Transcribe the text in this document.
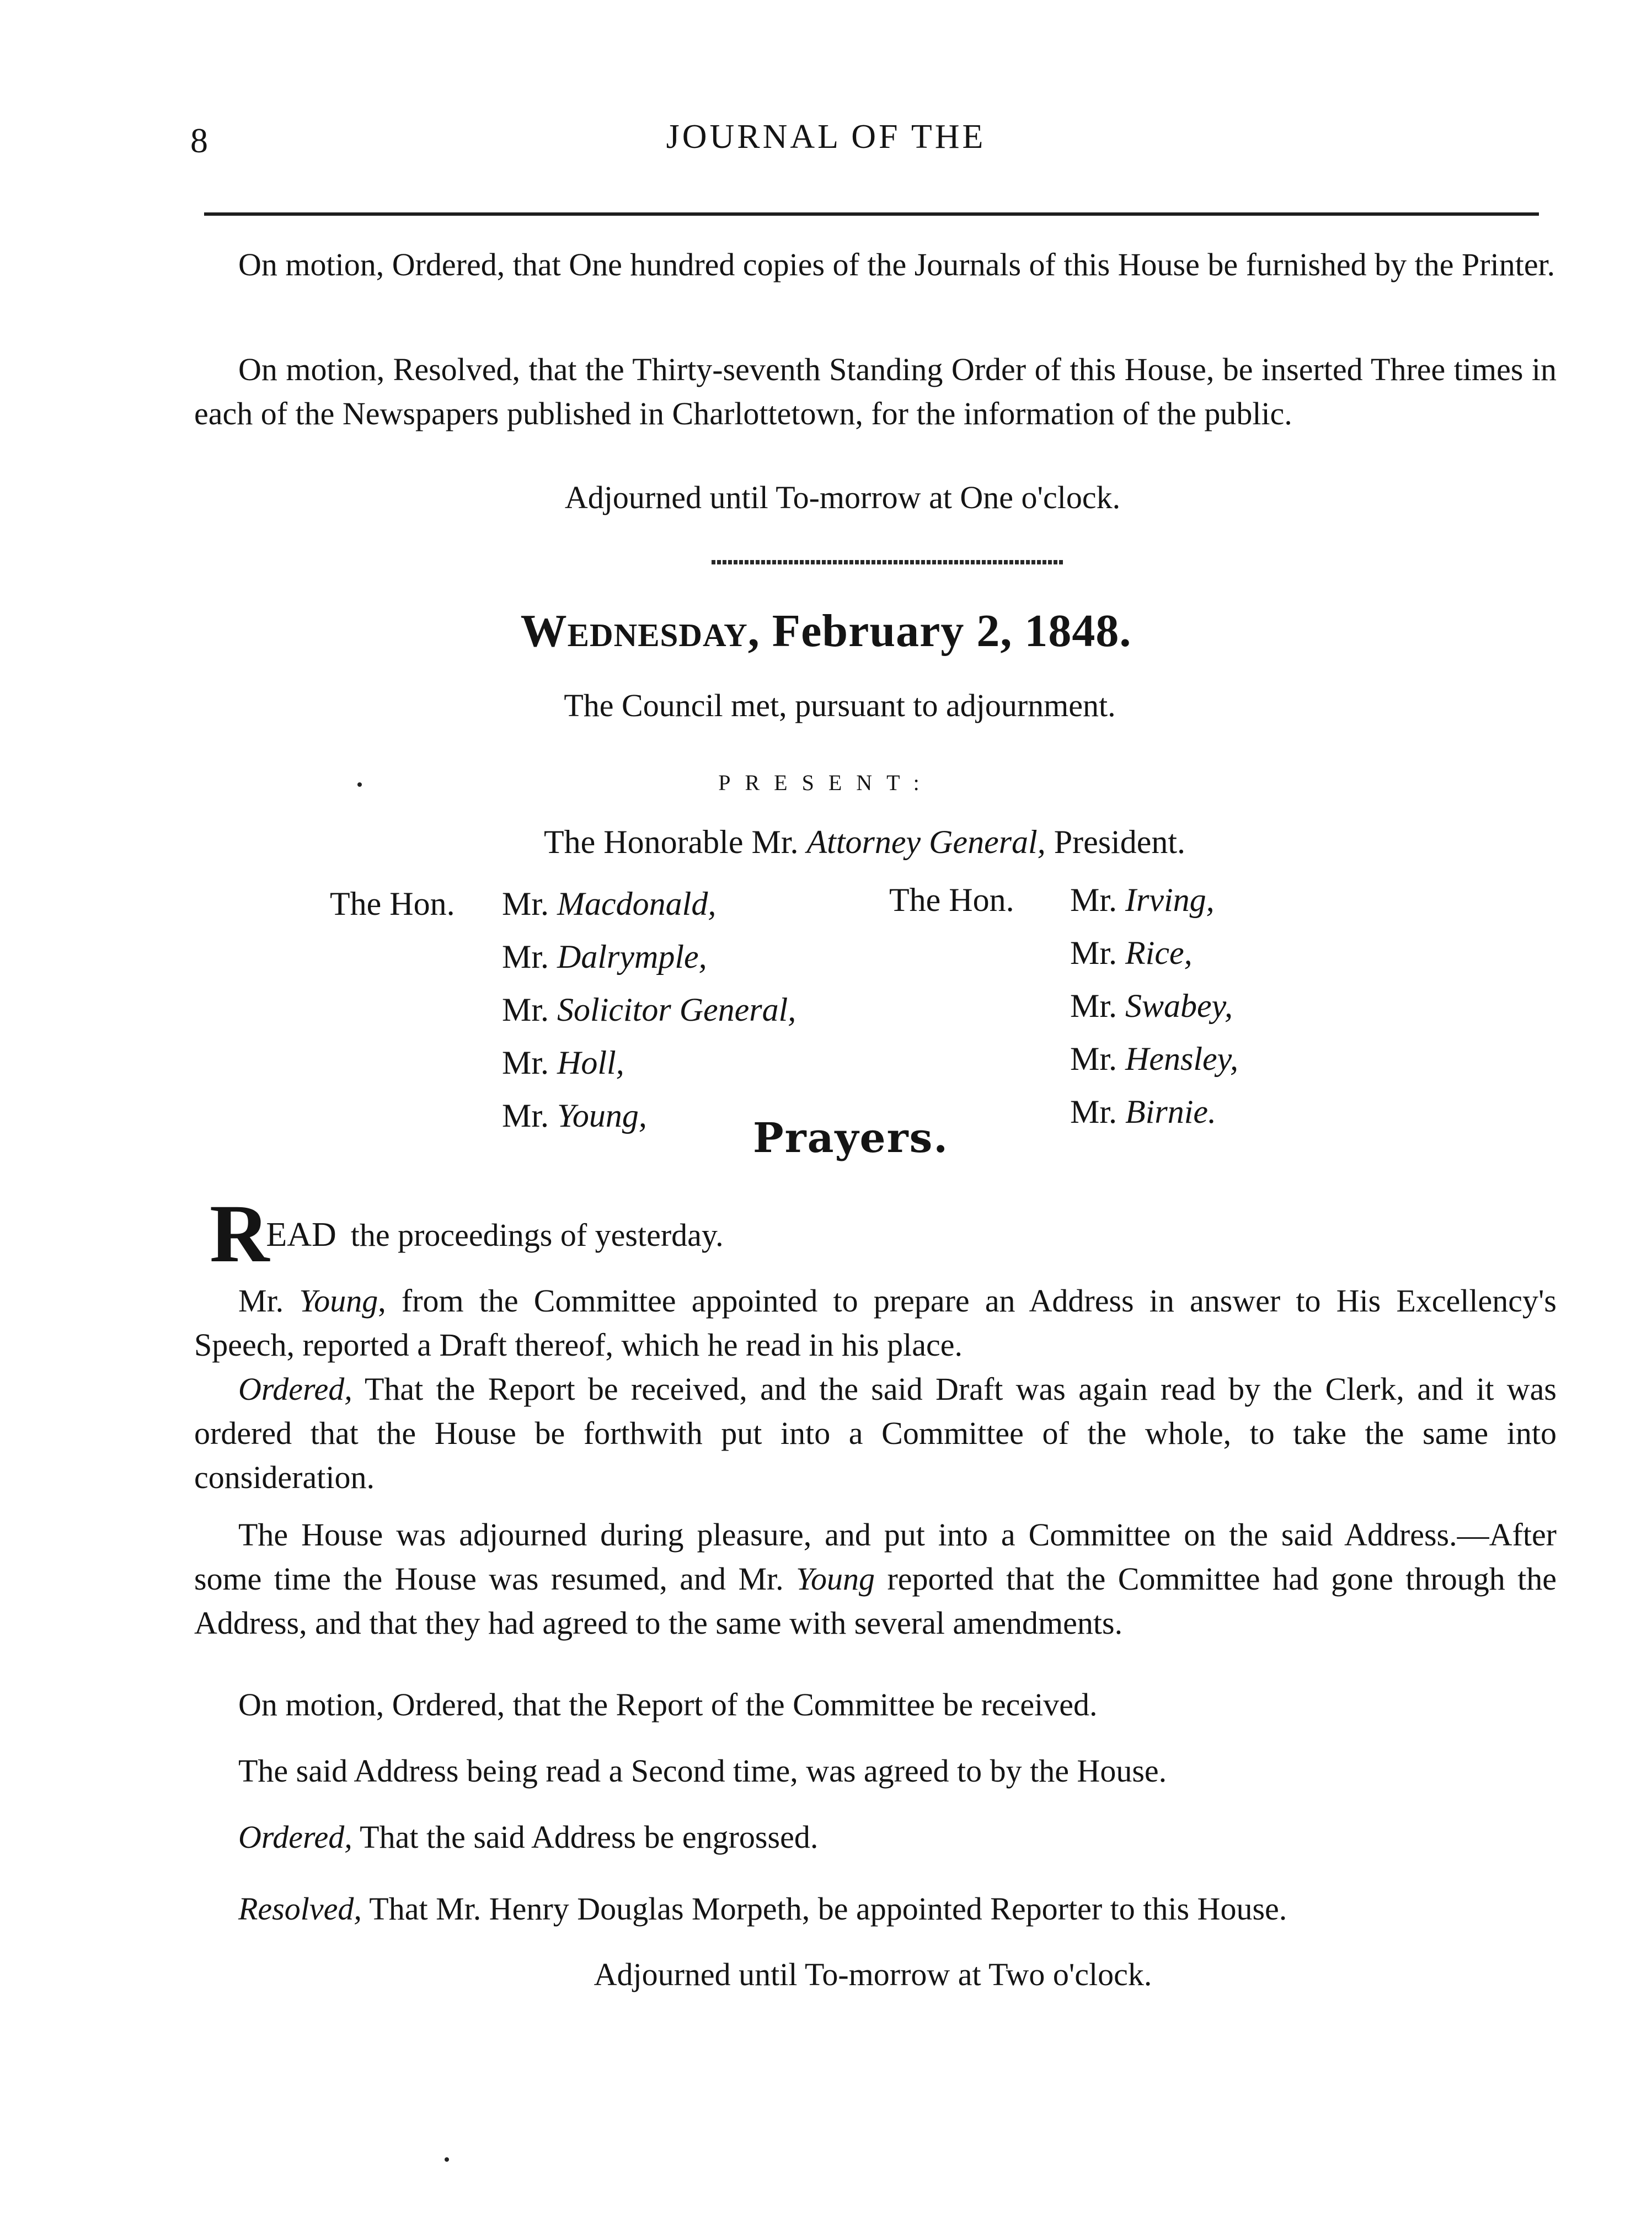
8	JOURNAL OF THE

On motion, Ordered, that One hundred copies of the Journals of this House be furnished by the Printer.

On motion, Resolved, that the Thirty-seventh Standing Order of this House, be inserted Three times in each of the Newspapers published in Charlottetown, for the information of the public.

Adjourned until To-morrow at One o'clock.

Wednesday, February 2, 1848.

The Council met, pursuant to adjournment.

PRESENT:
The Honorable Mr. Attorney General, President.
The Hon. Mr. Macdonald,
Mr. Dalrymple,
Mr. Solicitor General,
Mr. Holl,
Mr. Young,
The Hon. Mr. Irving,
Mr. Rice,
Mr. Swabey,
Mr. Hensley,
Mr. Birnie.
Prayers.
READ the proceedings of yesterday.

Mr. Young, from the Committee appointed to prepare an Address in answer to His Excellency's Speech, reported a Draft thereof, which he read in his place.

Ordered, That the Report be received, and the said Draft was again read by the Clerk, and it was ordered that the House be forthwith put into a Committee of the whole, to take the same into consideration.

The House was adjourned during pleasure, and put into a Committee on the said Address.—After some time the House was resumed, and Mr. Young reported that the Committee had gone through the Address, and that they had agreed to the same with several amendments.

On motion, Ordered, that the Report of the Committee be received.

The said Address being read a Second time, was agreed to by the House.

Ordered, That the said Address be engrossed.

Resolved, That Mr. Henry Douglas Morpeth, be appointed Reporter to this House.

Adjourned until To-morrow at Two o'clock.
